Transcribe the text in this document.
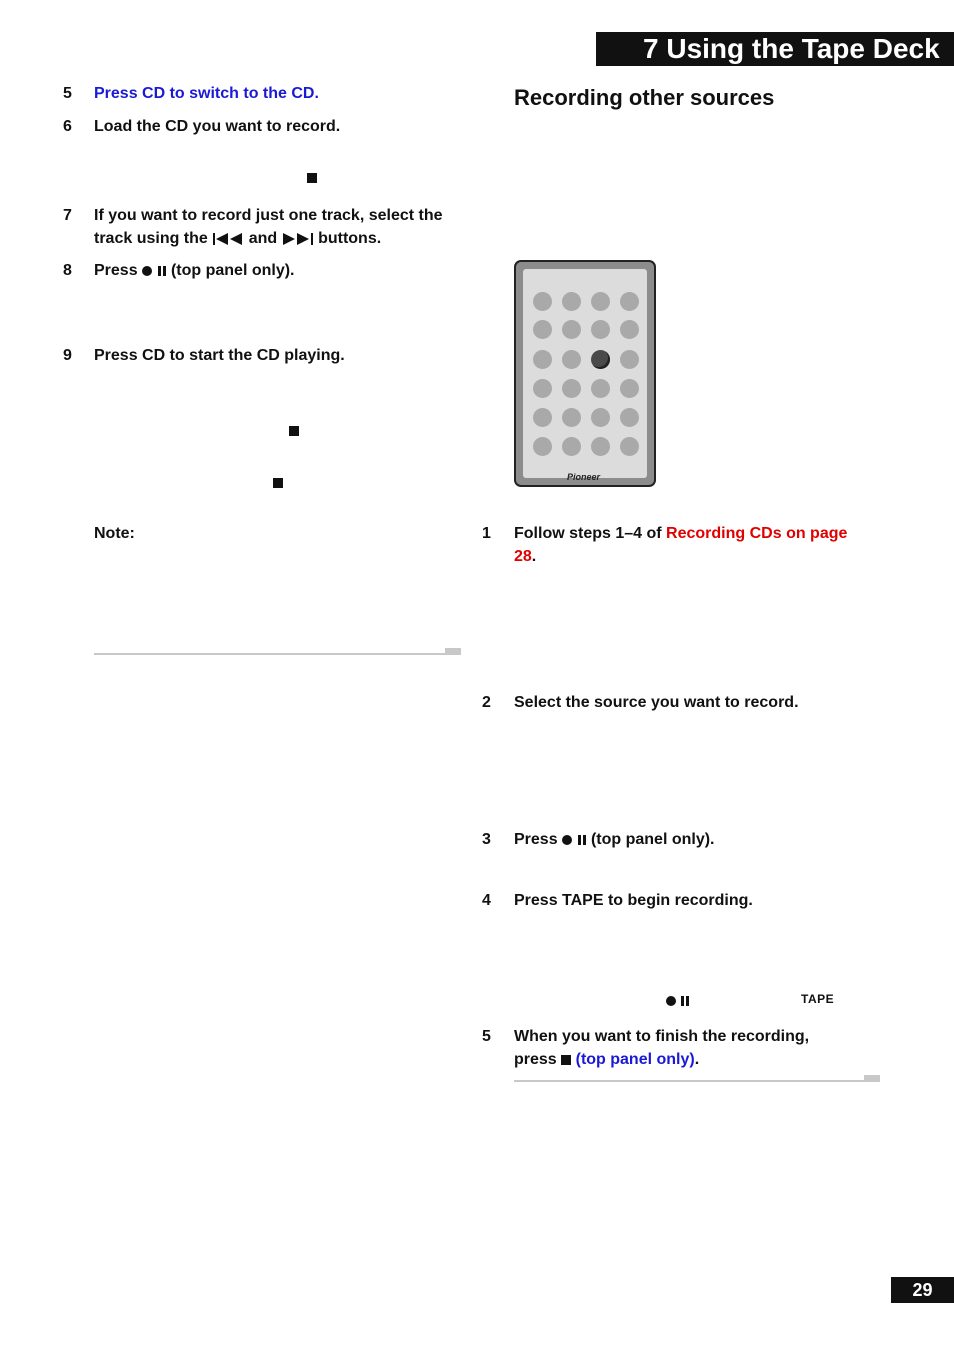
7 Using the Tape Deck
5 Press CD to switch to the CD.
6 Load the CD you want to record.
7 If you want to record just one track, select the
track using the	and	buttons.
8 Press (top panel only).
9 Press CD to start the CD playing.
Note:
Recording other sources
Pioneer
1 Follow steps 1–4 of Recording CDs on page
28.
2 Select the source you want to record.
3 Press (top panel only).
4 Press TAPE to begin recording.

TAPE
5 When you want to finish the recording,
press (top panel only).
29
